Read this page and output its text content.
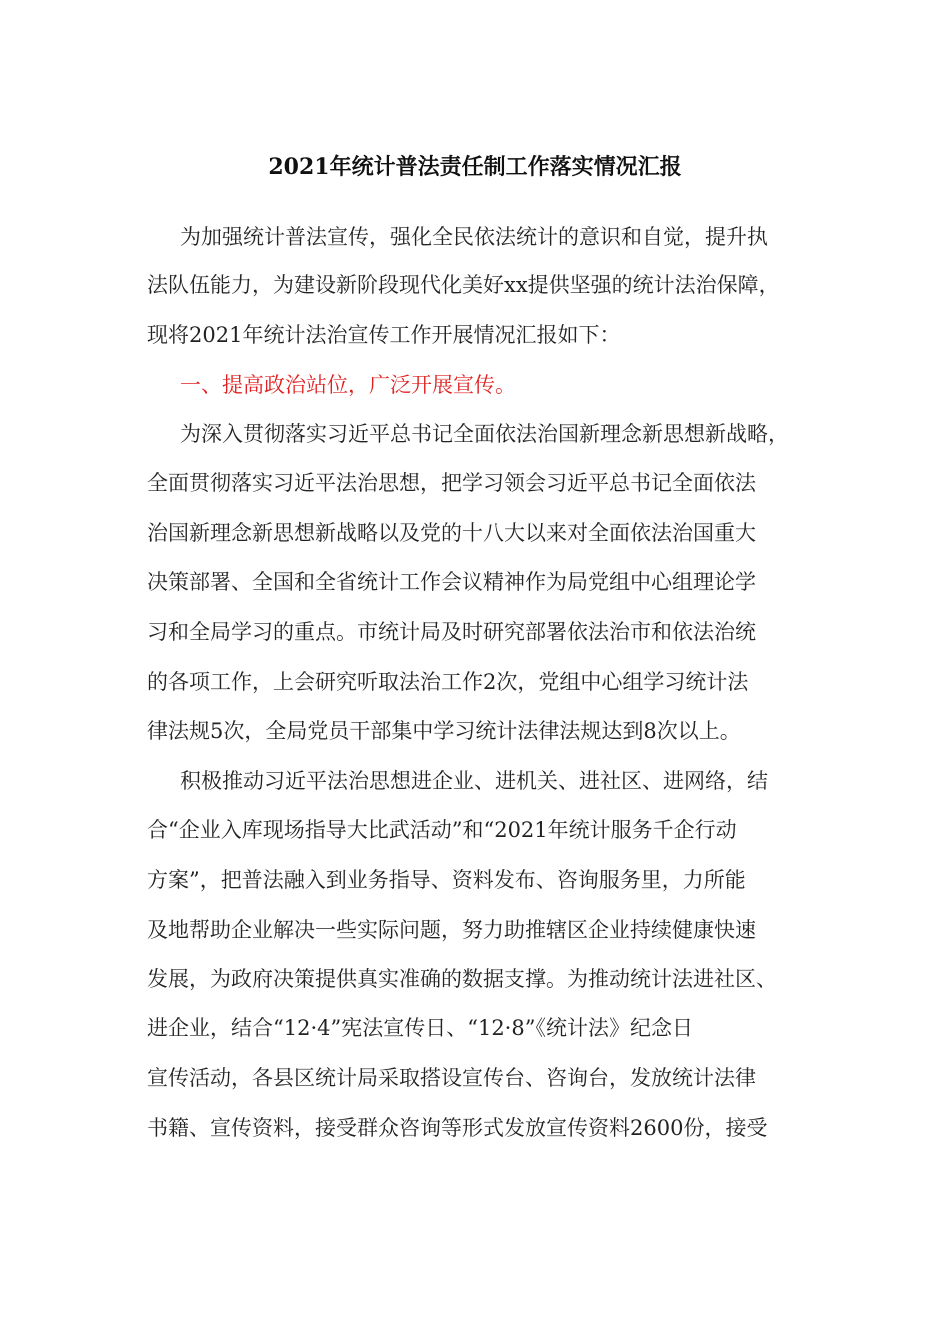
2021年统计普法责任制工作落实情况汇报

为加强统计普法宣传，强化全民依法统计的意识和自觉，提升执

法队伍能力，为建设新阶段现代化美好xx提供坚强的统计法治保障，

现将2021年统计法治宣传工作开展情况汇报如下：

一、提高政治站位，广泛开展宣传。

为深入贯彻落实习近平总书记全面依法治国新理念新思想新战略，

全面贯彻落实习近平法治思想，把学习领会习近平总书记全面依法

治国新理念新思想新战略以及党的十八大以来对全面依法治国重大

决策部署、全国和全省统计工作会议精神作为局党组中心组理论学

习和全局学习的重点。市统计局及时研究部署依法治市和依法治统

的各项工作，上会研究听取法治工作2次，党组中心组学习统计法

律法规5次，全局党员干部集中学习统计法律法规达到8次以上。

积极推动习近平法治思想进企业、进机关、进社区、进网络，结

合“企业入库现场指导大比武活动”和“2021年统计服务千企行动

方案”，把普法融入到业务指导、资料发布、咨询服务里，力所能

及地帮助企业解决一些实际问题，努力助推辖区企业持续健康快速

发展，为政府决策提供真实准确的数据支撑。为推动统计法进社区、

进企业，结合“12·4”宪法宣传日、“12·8”《统计法》纪念日

宣传活动，各县区统计局采取搭设宣传台、咨询台，发放统计法律

书籍、宣传资料，接受群众咨询等形式发放宣传资料2600份，接受
